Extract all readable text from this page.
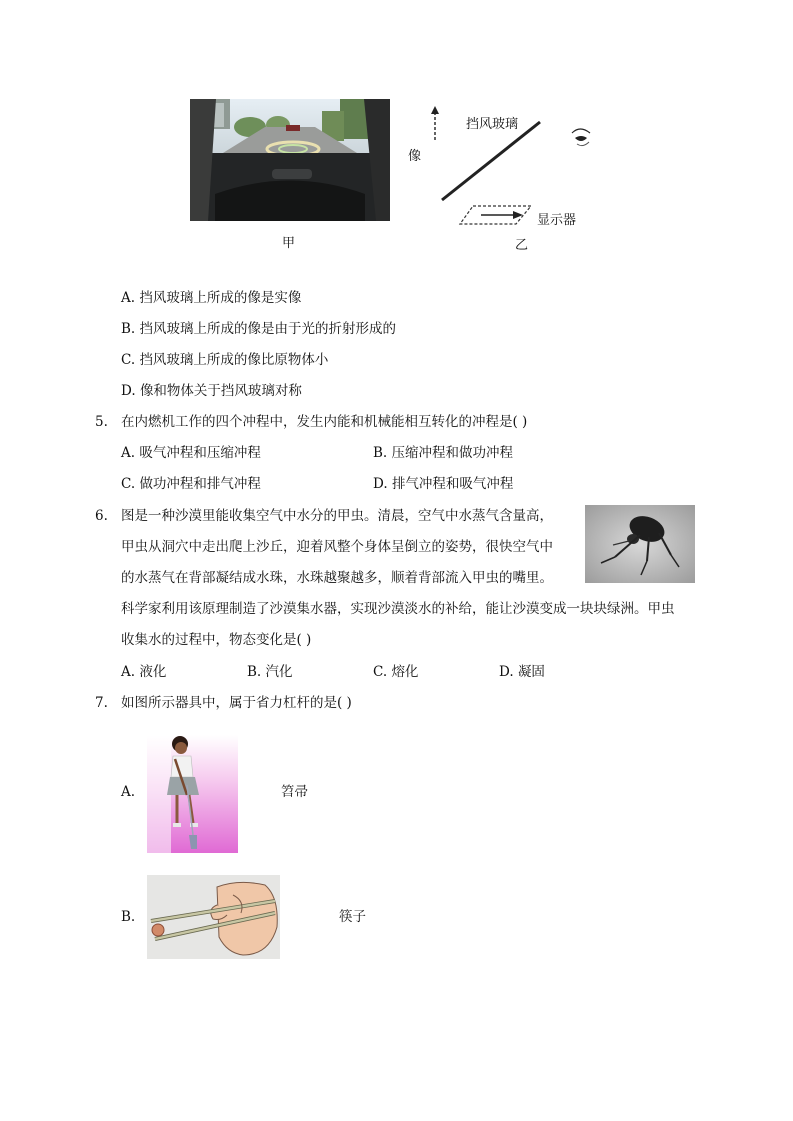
甲
挡风玻璃
像
显示器
乙
A. 挡风玻璃上所成的像是实像
B. 挡风玻璃上所成的像是由于光的折射形成的
C. 挡风玻璃上所成的像比原物体小
D. 像和物体关于挡风玻璃对称
5. 在内燃机工作的四个冲程中，发生内能和机械能相互转化的冲程是( )
A. 吸气冲程和压缩冲程	B. 压缩冲程和做功冲程
C. 做功冲程和排气冲程	D. 排气冲程和吸气冲程
6. 图是一种沙漠里能收集空气中水分的甲虫。清晨，空气中水蒸气含量高，
甲虫从洞穴中走出爬上沙丘，迎着风整个身体呈倒立的姿势，很快空气中
的水蒸气在背部凝结成水珠，水珠越聚越多，顺着背部流入甲虫的嘴里。
科学家利用该原理制造了沙漠集水器，实现沙漠淡水的补给，能让沙漠变成一块块绿洲。甲虫
收集水的过程中，物态变化是( )
A. 液化	B. 汽化	C. 熔化	D. 凝固
7. 如图所示器具中，属于省力杠杆的是( )
A.	笤帚
B.	筷子
